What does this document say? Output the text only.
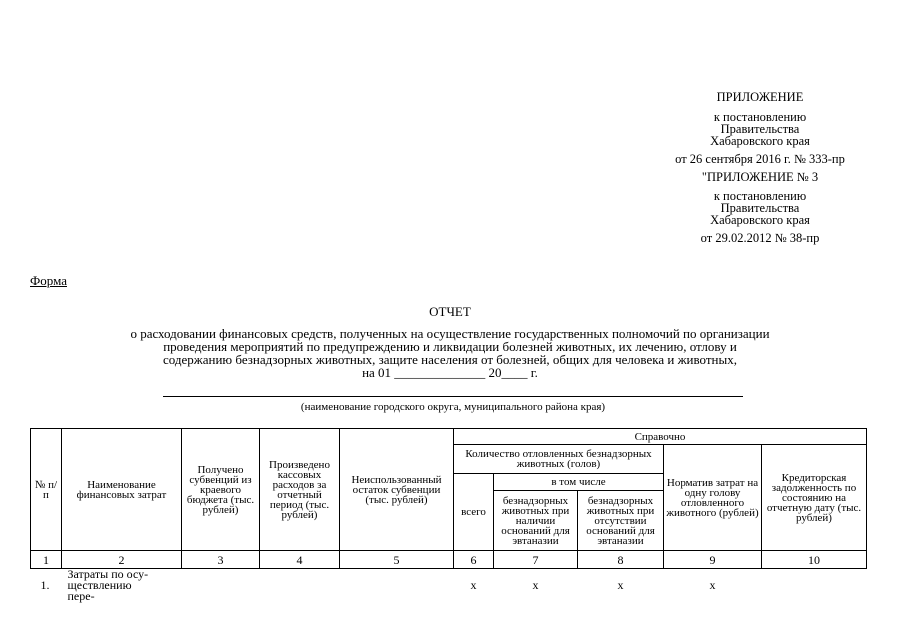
ПРИЛОЖЕНИЕ
к постановлению
Правительства
Хабаровского края
от 26 сентября 2016 г. № 333-пр
"ПРИЛОЖЕНИЕ № 3
к постановлению
Правительства
Хабаровского края
от 29.02.2012 № 38-пр
Форма
ОТЧЕТ
о расходовании финансовых средств, полученных на осуществление государственных полномочий по организации
проведения мероприятий по предупреждению и ликвидации болезней животных, их лечению, отлову и
содержанию безнадзорных животных, защите населения от болезней, общих для человека и животных,
на 01 ______________ 20____ г.
(наименование городского округа, муниципального района края)
№ п/п	Наименование финансовых затрат	Получено субвенций из краевого бюджета (тыс. рублей)	Произведено кассовых расходов за отчетный период (тыс. рублей)	Неиспользованный остаток субвенции (тыс. рублей)	Справочно				
					Количество отловленных безнадзорных животных (голов)			Норматив затрат на одну голову отловленного животного (рублей)	Кредиторская задолженность по состоянию на отчетную дату (тыс. рублей)
					всего	в том числе			
						безнадзорных животных при наличии оснований для эвтаназии	безнадзорных животных при отсутствии оснований для эвтаназии		
1	2	3	4	5	6	7	8	9	10
1.	Затраты по осу-ществлению пере-				х	х	х	х	
